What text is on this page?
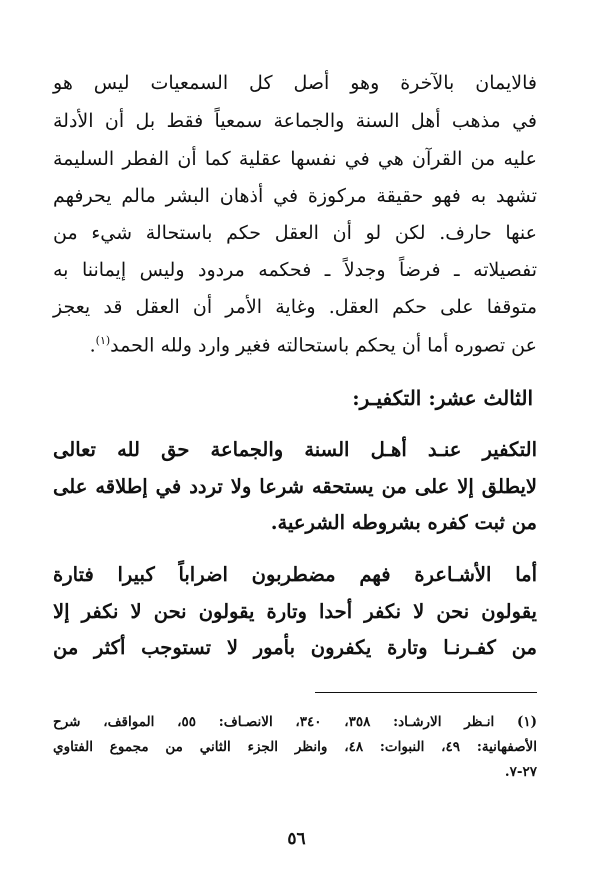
فالايمان بالآخرة وهو أصل كل السمعيات ليس هو
في مذهب أهل السنة والجماعة سمعياً فقط بل أن الأدلة
عليه من القرآن هي في نفسها عقلية كما أن الفطر السليمة
تشهد به فهو حقيقة مركوزة في أذهان البشر مالم يحرفهم
عنها حارف. لكن لو أن العقل حكم باستحالة شيء من
تفصيلاته ـ فرضاً وجدلاً ـ فحكمه مردود وليس إيماننا به
متوقفا على حكم العقل. وغاية الأمر أن العقل قد يعجز
عن تصوره أما أن يحكم باستحالته فغير وارد ولله الحمد$^{(١)}$.
الثالث عشر: التكفيـر:
التكفير عنـد أهـل السنة والجماعة حق لله تعالى
لايطلق إلا على من يستحقه شرعا ولا تردد في إطلاقه على
من ثبت كفره بشروطه الشرعية.
أما الأشـاعرة فهم مضطربون اضراباً كبيرا فتارة
يقولون نحن لا نكفر أحدا وتارة يقولون نحن لا نكفر إلا
من كفـرنـا وتارة يكفرون بأمور لا تستوجب أكثر من
(١) انـظر الارشـاد: ٣٥٨، ٣٤٠، الانصـاف: ٥٥، المواقف، شرح
الأصفهانية: ٤٩، النبوات: ٤٨، وانظر الجزء الثاني من مجموع الفتاوي
٢٧-٧.
٥٦
